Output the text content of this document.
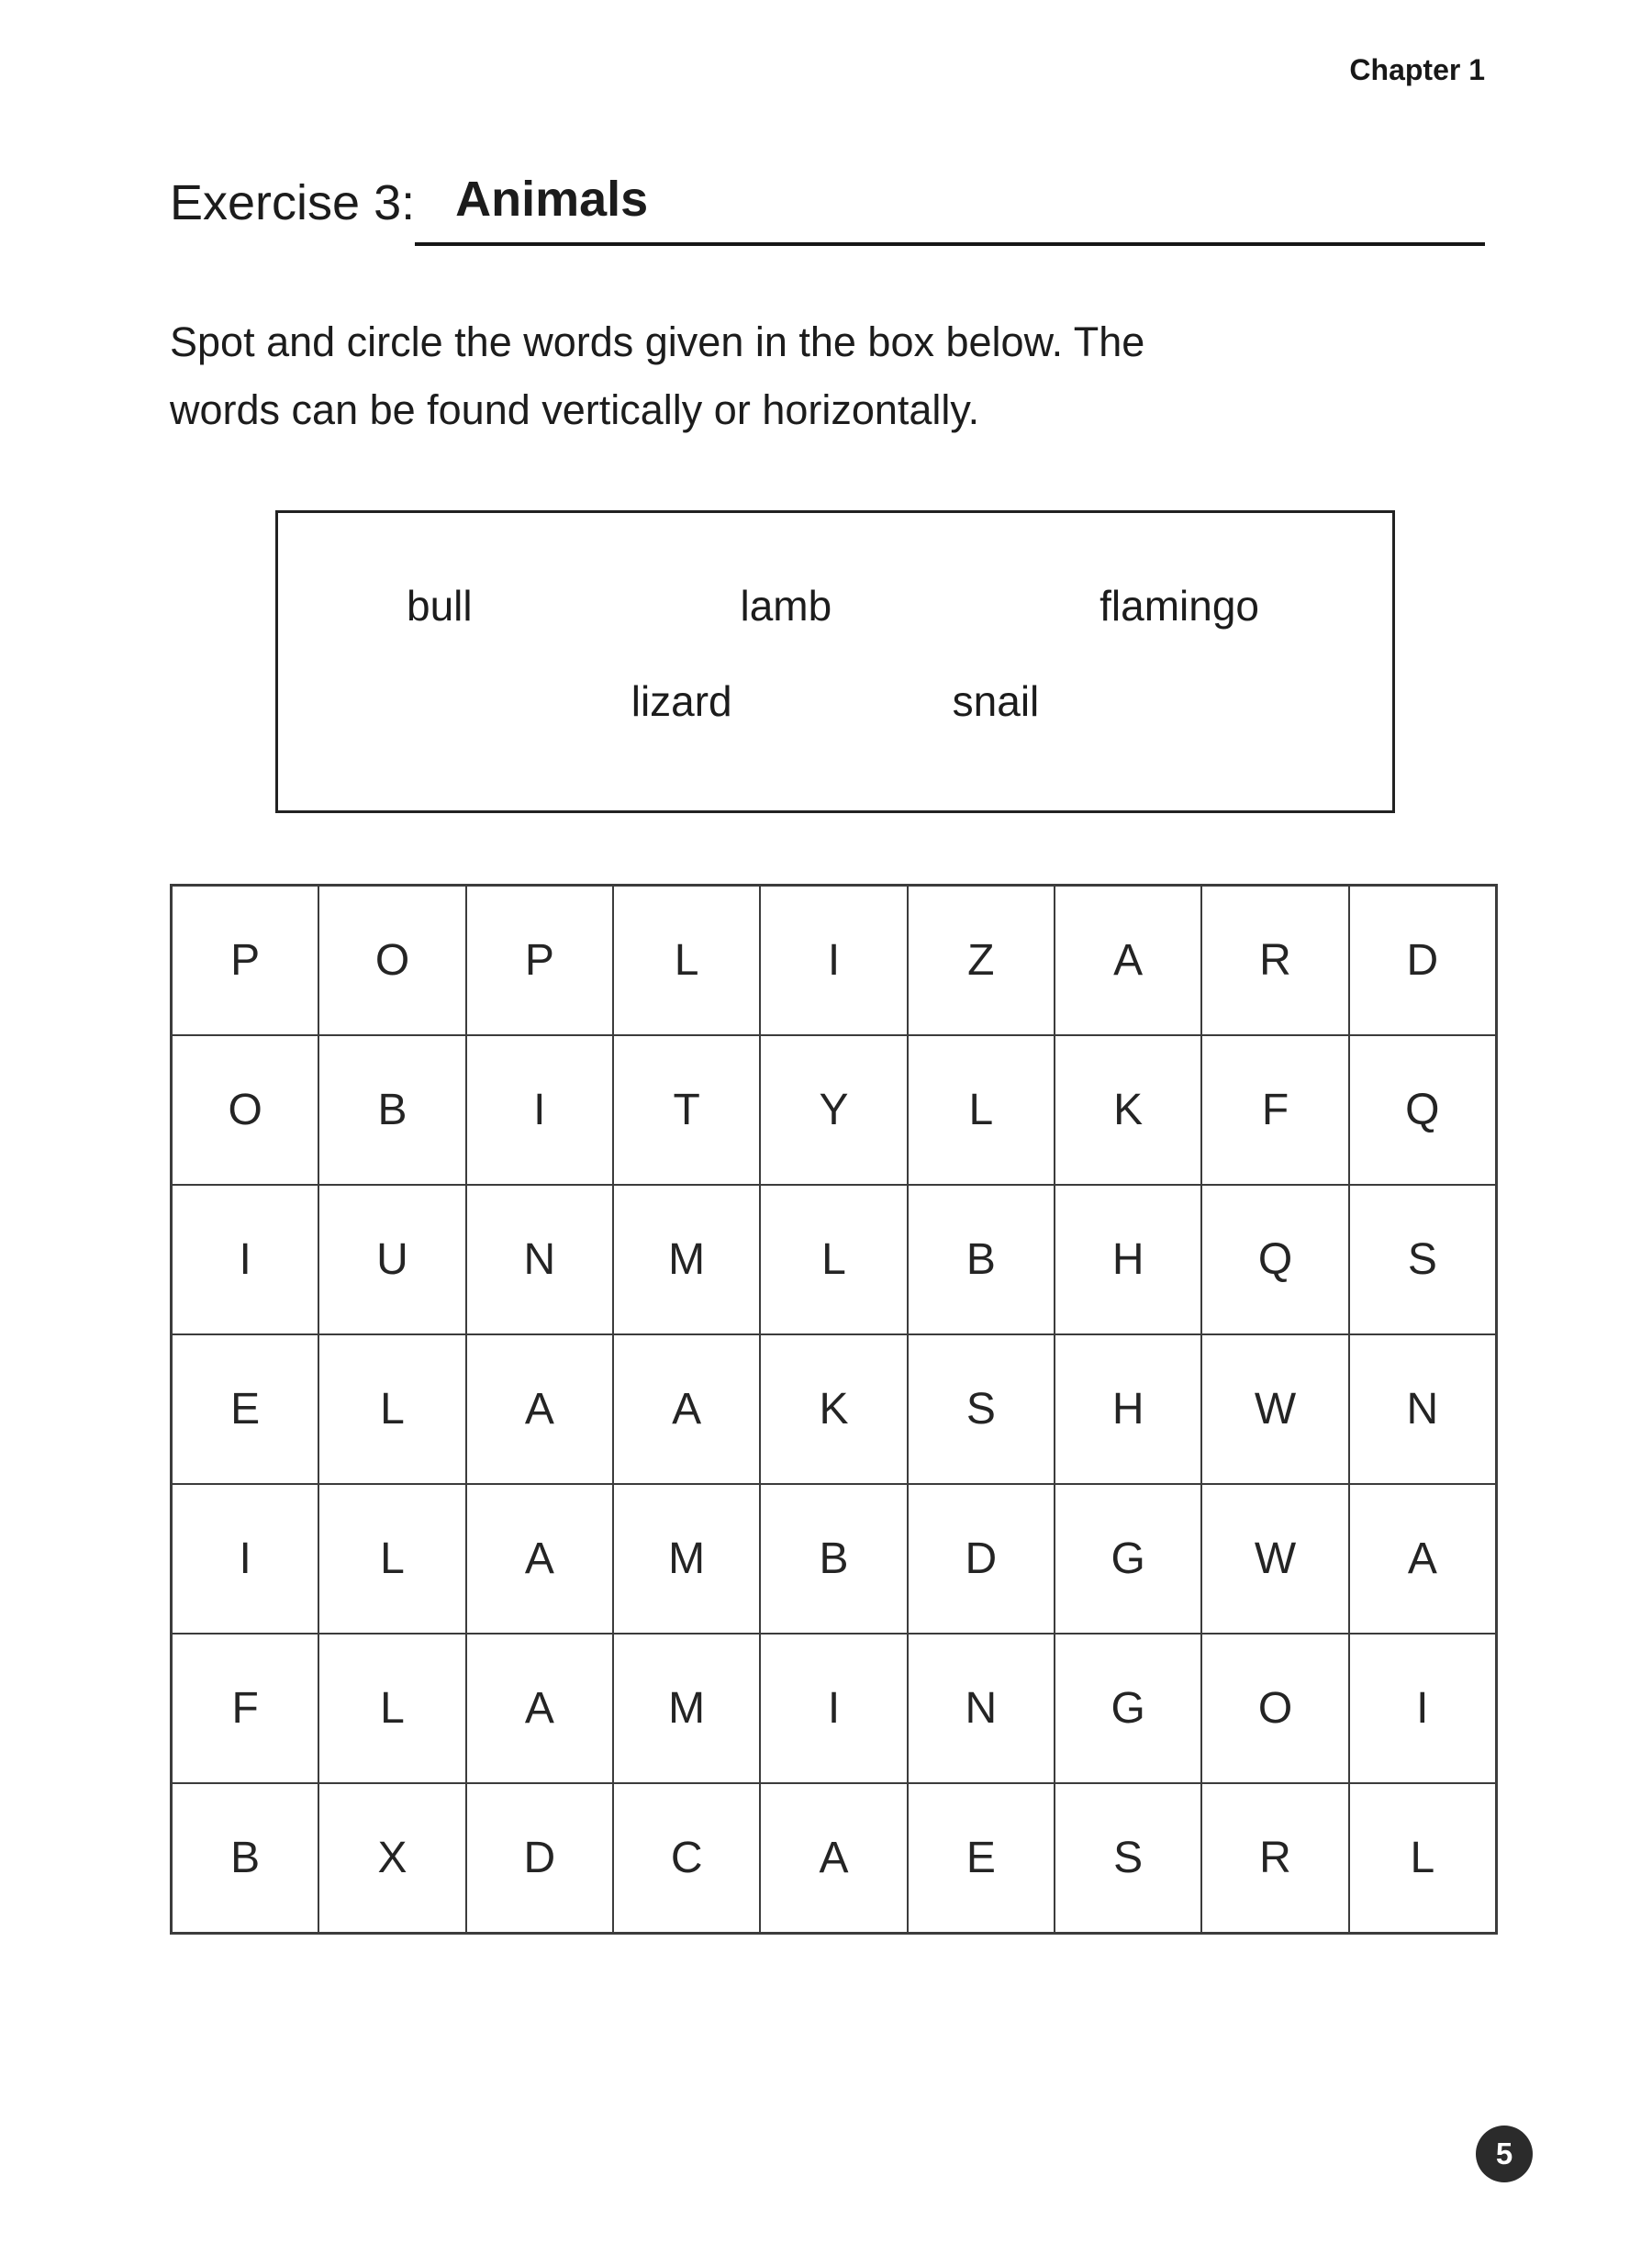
Chapter 1
Exercise 3: Animals
Spot and circle the words given in the box below. The
words can be found vertically or horizontally.
bull	lamb	flamingo
lizard	snail
P	O	P	L	I	Z	A	R	D
O	B	I	T	Y	L	K	F	Q
I	U	N	M	L	B	H	Q	S
E	L	A	A	K	S	H	W	N
I	L	A	M	B	D	G	W	A
F	L	A	M	I	N	G	O	I
B	X	D	C	A	E	S	R	L
5
